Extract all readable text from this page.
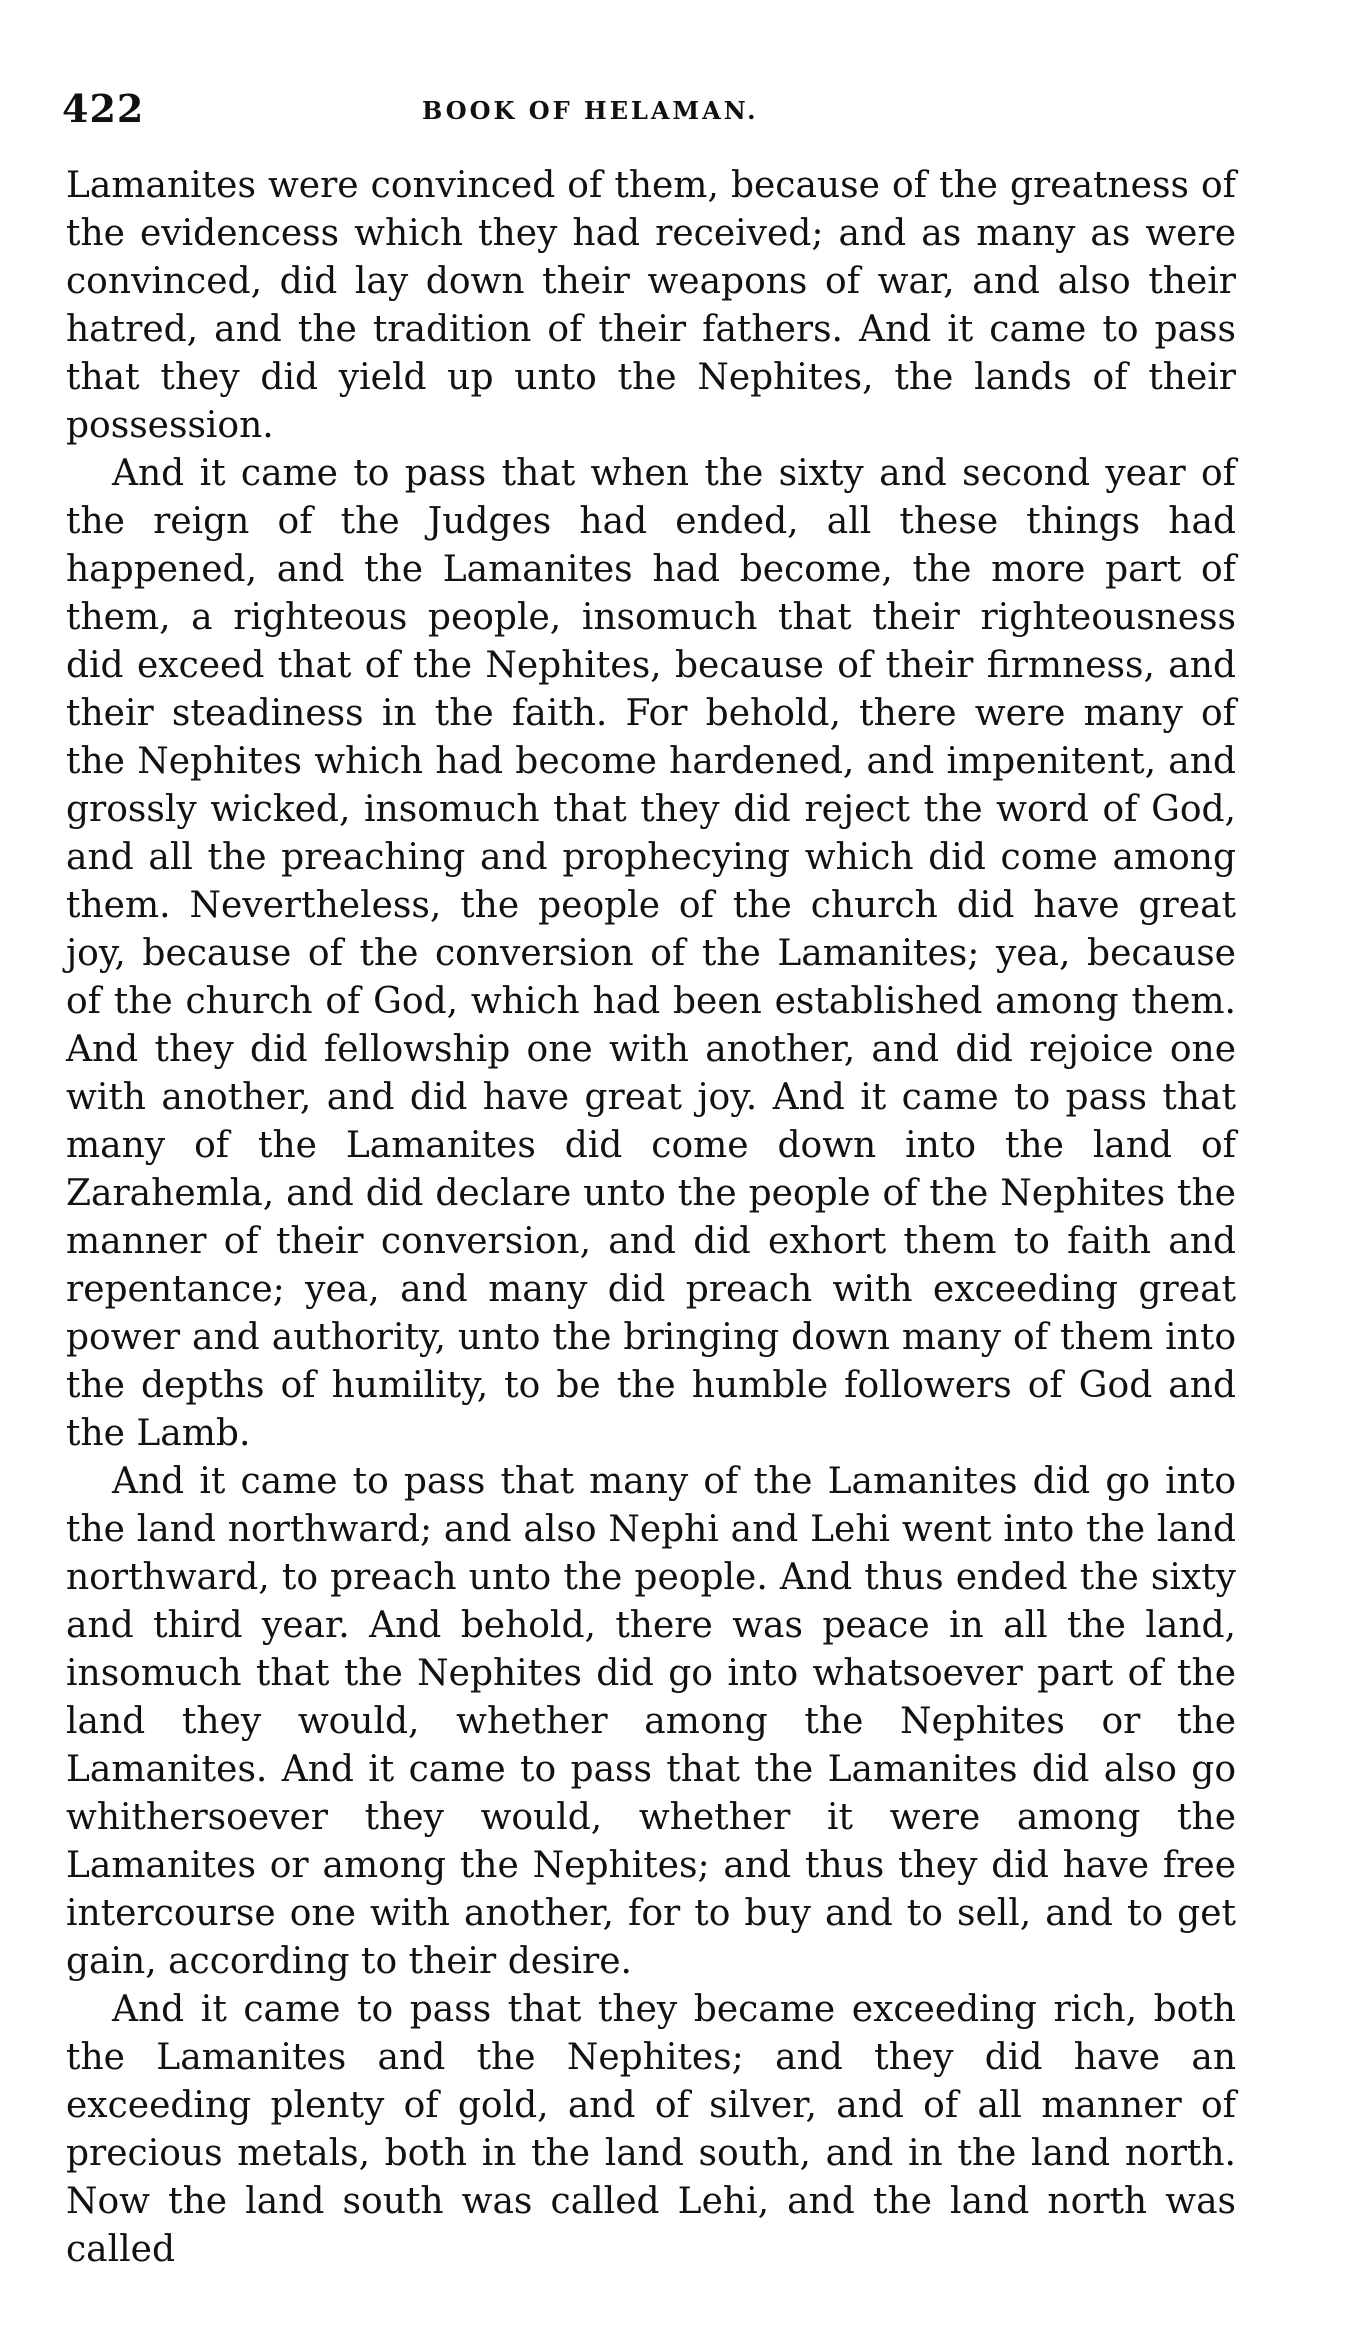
422	BOOK OF HELAMAN.

Lamanites were convinced of them, because of the greatness of the evidencess which they had received; and as many as were convinced, did lay down their weapons of war, and also their hatred, and the tradition of their fathers. And it came to pass that they did yield up unto the Nephites, the lands of their possession.

And it came to pass that when the sixty and second year of the reign of the Judges had ended, all these things had happened, and the Lamanites had become, the more part of them, a righteous people, insomuch that their righteousness did exceed that of the Nephites, because of their firmness, and their steadiness in the faith. For behold, there were many of the Nephites which had become hardened, and impenitent, and grossly wicked, insomuch that they did reject the word of God, and all the preaching and prophecying which did come among them. Nevertheless, the people of the church did have great joy, because of the conversion of the Lamanites; yea, because of the church of God, which had been established among them. And they did fellowship one with another, and did rejoice one with another, and did have great joy. And it came to pass that many of the Lamanites did come down into the land of Zarahemla, and did declare unto the people of the Nephites the manner of their conversion, and did exhort them to faith and repentance; yea, and many did preach with exceeding great power and authority, unto the bringing down many of them into the depths of humility, to be the humble followers of God and the Lamb.

And it came to pass that many of the Lamanites did go into the land northward; and also Nephi and Lehi went into the land northward, to preach unto the people. And thus ended the sixty and third year. And behold, there was peace in all the land, insomuch that the Nephites did go into whatsoever part of the land they would, whether among the Nephites or the Lamanites. And it came to pass that the Lamanites did also go whithersoever they would, whether it were among the Lamanites or among the Nephites; and thus they did have free intercourse one with another, for to buy and to sell, and to get gain, according to their desire.

And it came to pass that they became exceeding rich, both the Lamanites and the Nephites; and they did have an exceeding plenty of gold, and of silver, and of all manner of precious metals, both in the land south, and in the land north. Now the land south was called Lehi, and the land north was called
